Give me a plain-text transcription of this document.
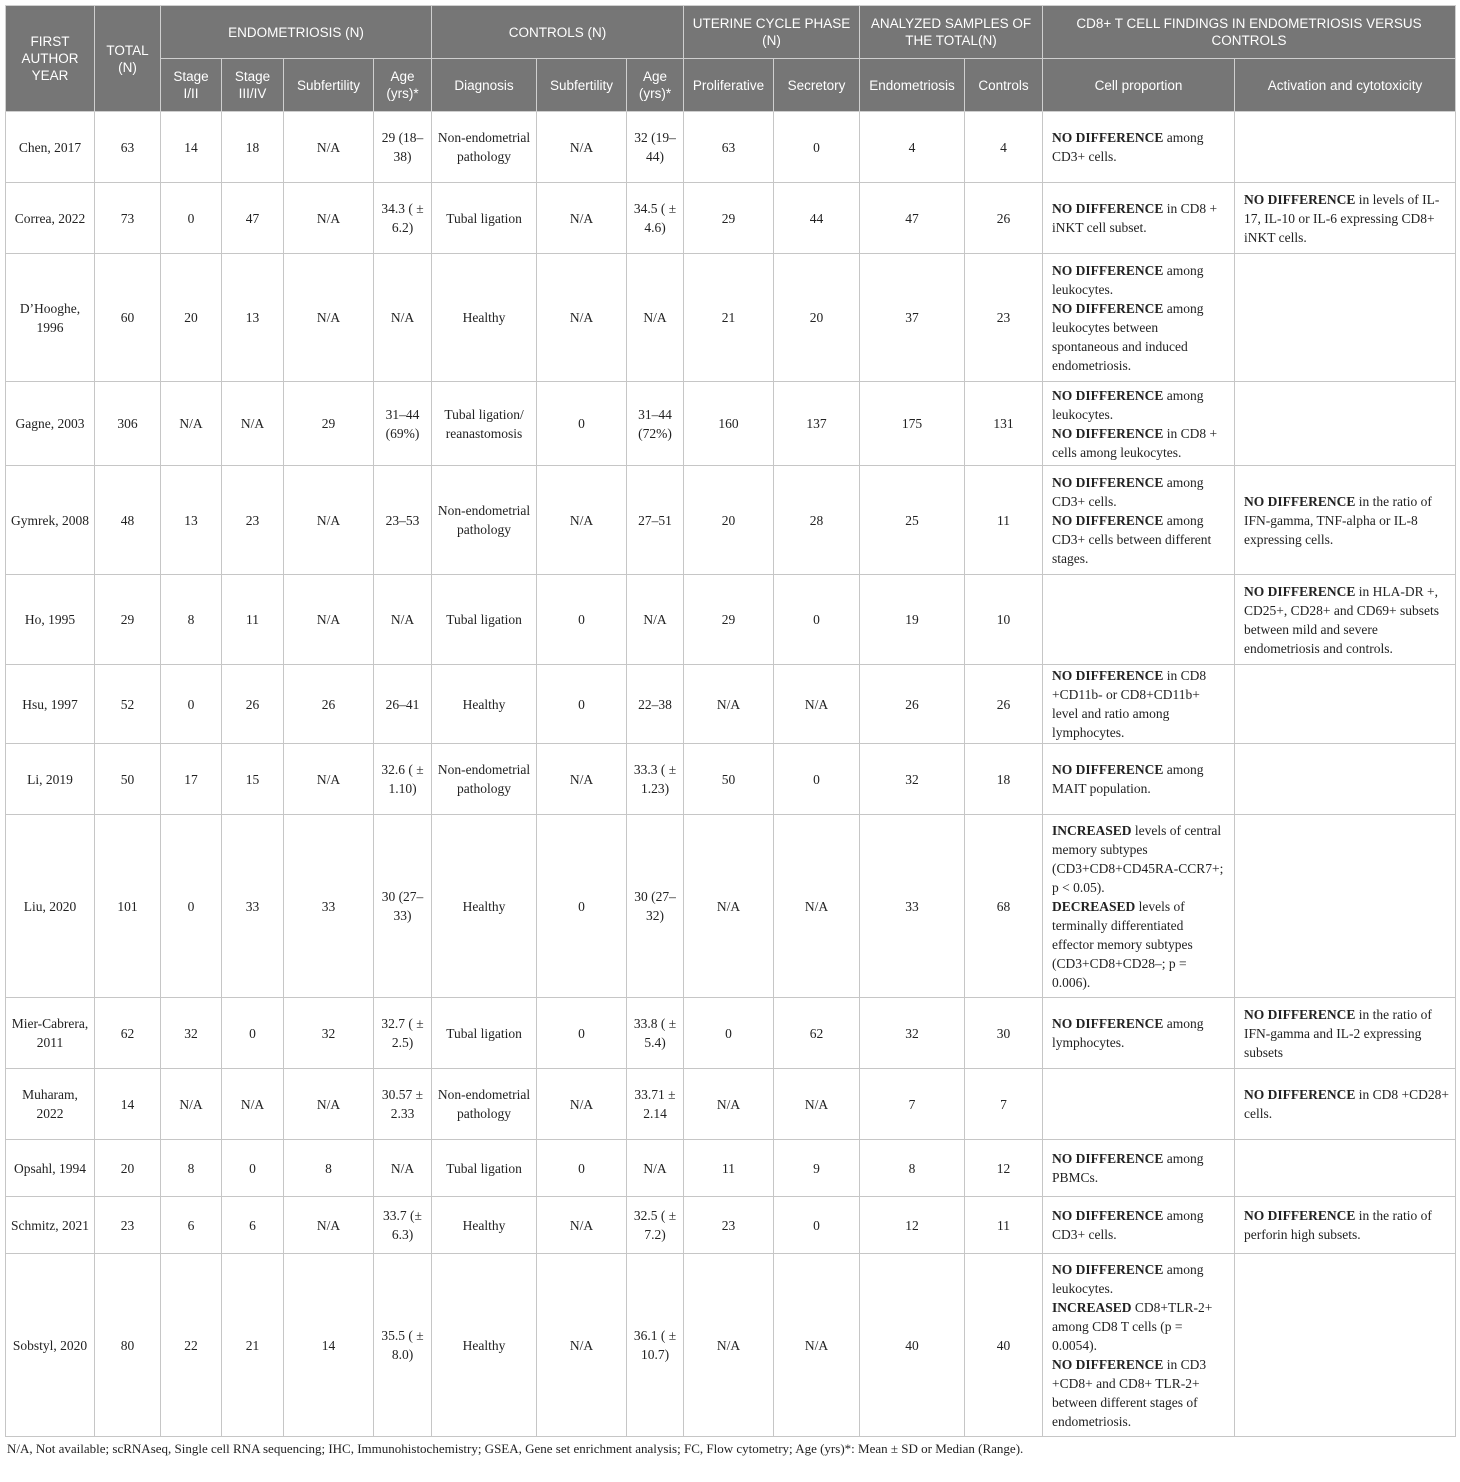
FIRST AUTHOR YEAR	TOTAL (N)	ENDOMETRIOSIS (N)				CONTROLS (N)			UTERINE CYCLE PHASE (N)		ANALYZED SAMPLES OF THE TOTAL(N)		CD8+ T CELL FINDINGS IN ENDOMETRIOSIS VERSUS CONTROLS	
		Stage I/II	Stage III/IV	Subfertility	Age (yrs)*	Diagnosis	Subfertility	Age (yrs)*	Proliferative	Secretory	Endometriosis	Controls	Cell proportion	Activation and cytotoxicity
Chen, 2017	63	14	18	N/A	29 (18–38)	Non-endometrial pathology	N/A	32 (19–44)	63	0	4	4	NO DIFFERENCE among CD3+ cells.	

Correa, 2022	73	0	47	N/A	34.3 ( ± 6.2)	Tubal ligation	N/A	34.5 ( ± 4.6)	29	44	47	26	NO DIFFERENCE in CD8 + iNKT cell subset.	NO DIFFERENCE in levels of IL-17, IL-10 or IL-6 expressing CD8+ iNKT cells.

D’Hooghe, 1996	60	20	13	N/A	N/A	Healthy	N/A	N/A	21	20	37	23	NO DIFFERENCE among leukocytes.
NO DIFFERENCE among leukocytes between spontaneous and induced endometriosis.	

Gagne, 2003	306	N/A	N/A	29	31–44 (69%)	Tubal ligation/ reanastomosis	0	31–44 (72%)	160	137	175	131	NO DIFFERENCE among leukocytes.
NO DIFFERENCE in CD8 + cells among leukocytes.	

Gymrek, 2008	48	13	23	N/A	23–53	Non-endometrial pathology	N/A	27–51	20	28	25	11	NO DIFFERENCE among CD3+ cells.
NO DIFFERENCE among CD3+ cells between different stages.	NO DIFFERENCE in the ratio of IFN-gamma, TNF-alpha or IL-8 expressing cells.

Ho, 1995	29	8	11	N/A	N/A	Tubal ligation	0	N/A	29	0	19	10		NO DIFFERENCE in HLA-DR +, CD25+, CD28+ and CD69+ subsets between mild and severe endometriosis and controls.

Hsu, 1997	52	0	26	26	26–41	Healthy	0	22–38	N/A	N/A	26	26	NO DIFFERENCE in CD8 +CD11b- or CD8+CD11b+ level and ratio among lymphocytes.	

Li, 2019	50	17	15	N/A	32.6 ( ± 1.10)	Non-endometrial pathology	N/A	33.3 ( ± 1.23)	50	0	32	18	NO DIFFERENCE among MAIT population.	

Liu, 2020	101	0	33	33	30 (27–33)	Healthy	0	30 (27–32)	N/A	N/A	33	68	INCREASED levels of central memory subtypes (CD3+CD8+CD45RA-CCR7+; p < 0.05).
DECREASED levels of terminally differentiated effector memory subtypes (CD3+CD8+CD28–; p = 0.006).	

Mier-Cabrera, 2011	62	32	0	32	32.7 ( ± 2.5)	Tubal ligation	0	33.8 ( ± 5.4)	0	62	32	30	NO DIFFERENCE among lymphocytes.	NO DIFFERENCE in the ratio of IFN-gamma and IL-2 expressing subsets

Muharam, 2022	14	N/A	N/A	N/A	30.57 ± 2.33	Non-endometrial pathology	N/A	33.71 ± 2.14	N/A	N/A	7	7		NO DIFFERENCE in CD8 +CD28+ cells.

Opsahl, 1994	20	8	0	8	N/A	Tubal ligation	0	N/A	11	9	8	12	NO DIFFERENCE among PBMCs.	

Schmitz, 2021	23	6	6	N/A	33.7 (± 6.3)	Healthy	N/A	32.5 ( ± 7.2)	23	0	12	11	NO DIFFERENCE among CD3+ cells.	NO DIFFERENCE in the ratio of perforin high subsets.

Sobstyl, 2020	80	22	21	14	35.5 ( ± 8.0)	Healthy	N/A	36.1 ( ± 10.7)	N/A	N/A	40	40	NO DIFFERENCE among leukocytes.
INCREASED CD8+TLR-2+ among CD8 T cells (p = 0.0054).
NO DIFFERENCE in CD3 +CD8+ and CD8+ TLR-2+ between different stages of endometriosis.	

N/A, Not available; scRNAseq, Single cell RNA sequencing; IHC, Immunohistochemistry; GSEA, Gene set enrichment analysis; FC, Flow cytometry; Age (yrs)*: Mean ± SD or Median (Range).
